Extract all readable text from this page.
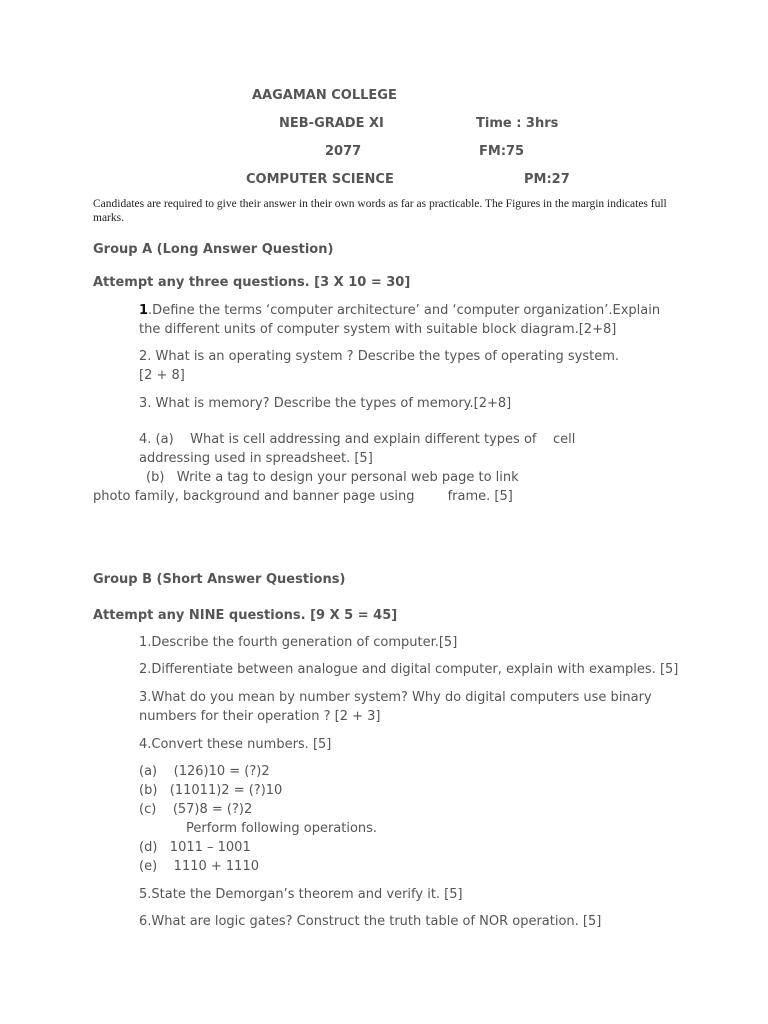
AAGAMAN COLLEGE
NEB-GRADE XI	Time : 3hrs
2077	FM:75
COMPUTER SCIENCE	PM:27
Candidates are required to give their answer in their own words as far as practicable. The Figures in the margin indicates full marks.
Group A (Long Answer Question)
Attempt any three questions. [3 X 10 = 30]
1.Define the terms ‘computer architecture’ and ‘computer organization’.Explain
the different units of computer system with suitable block diagram.[2+8]
2. What is an operating system ? Describe the types of operating system.
[2 + 8]
3. What is memory? Describe the types of memory.[2+8]
4. (a)    What is cell addressing and explain different types of    cell
addressing used in spreadsheet. [5]
(b)   Write a tag to design your personal web page to link
photo family, background and banner page using        frame. [5]
Group B (Short Answer Questions)
Attempt any NINE questions. [9 X 5 = 45]
1.Describe the fourth generation of computer.[5]
2.Differentiate between analogue and digital computer, explain with examples. [5]
3.What do you mean by number system? Why do digital computers use binary
numbers for their operation ? [2 + 3]
4.Convert these numbers. [5]
(a)    (126)10 = (?)2
(b)   (11011)2 = (?)10
(c)    (57)8 = (?)2
Perform following operations.
(d)   1011 – 1001
(e)    1110 + 1110
5.State the Demorgan’s theorem and verify it. [5]
6.What are logic gates? Construct the truth table of NOR operation. [5]
